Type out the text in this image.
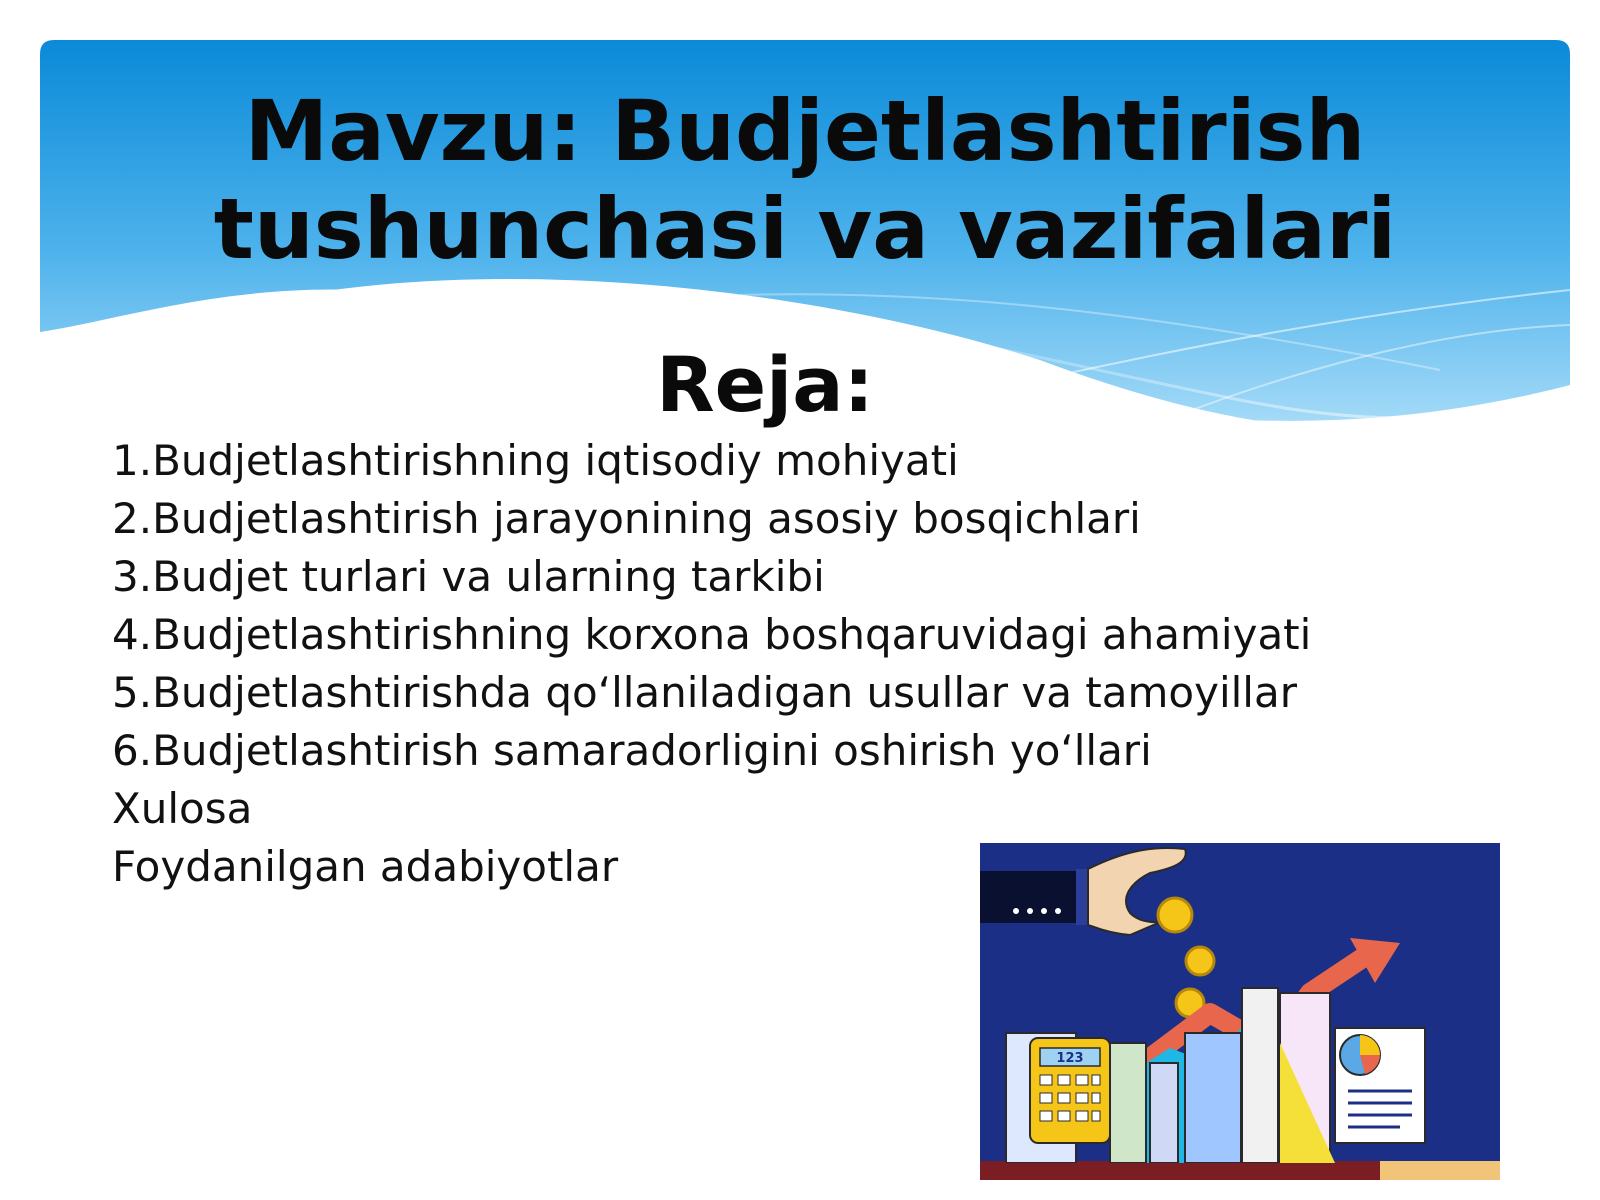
Mavzu: Budjetlashtirish
tushunchasi va vazifalari
Reja:
1.Budjetlashtirishning iqtisodiy mohiyati
2.Budjetlashtirish jarayonining asosiy bosqichlari
3.Budjet turlari va ularning tarkibi
4.Budjetlashtirishning korxona boshqaruvidagi ahamiyati
5.Budjetlashtirishda qo‘llaniladigan usullar va tamoyillar
6.Budjetlashtirish samaradorligini oshirish yo‘llari
Xulosa
Foydanilgan adabiyotlar
123
